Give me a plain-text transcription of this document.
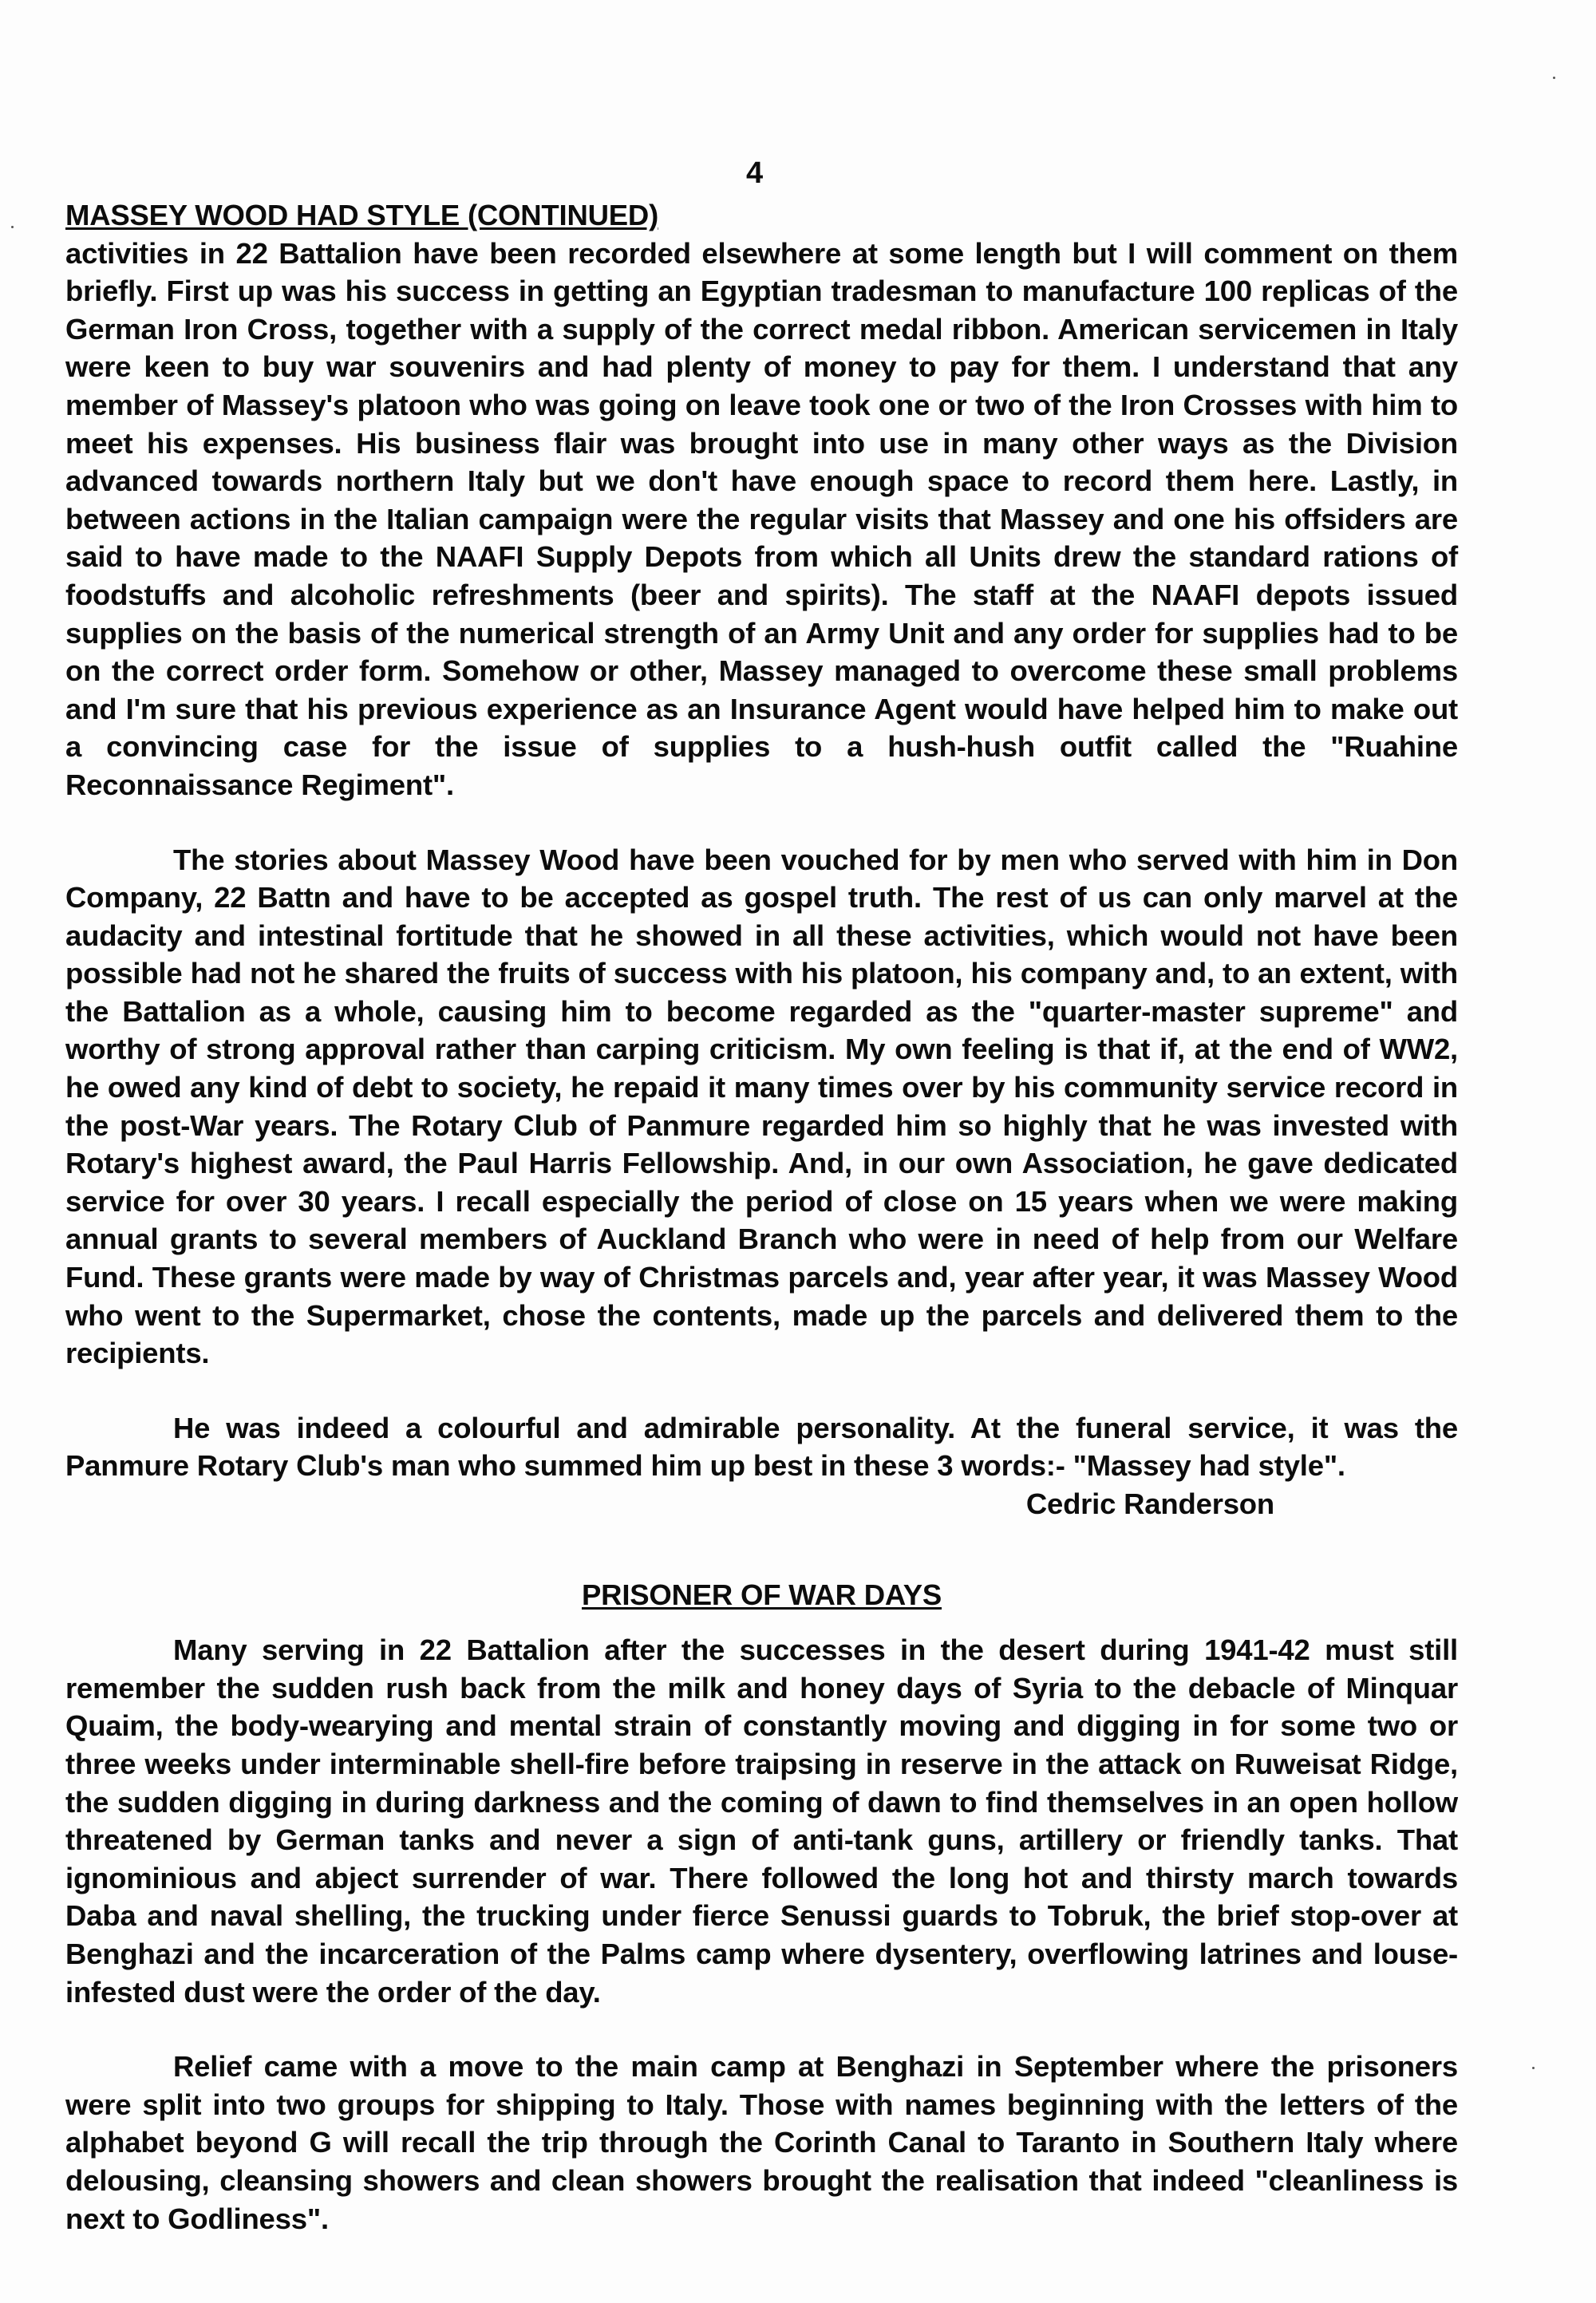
4

MASSEY WOOD HAD STYLE (CONTINUED)
activities in 22 Battalion have been recorded elsewhere at some length but I will comment on them briefly. First up was his success in getting an Egyptian tradesman to manufacture 100 replicas of the German Iron Cross, together with a supply of the correct medal ribbon. American servicemen in Italy were keen to buy war souvenirs and had plenty of money to pay for them. I understand that any member of Massey's platoon who was going on leave took one or two of the Iron Crosses with him to meet his expenses. His business flair was brought into use in many other ways as the Division advanced towards northern Italy but we don't have enough space to record them here. Lastly, in between actions in the Italian campaign were the regular visits that Massey and one his offsiders are said to have made to the NAAFI Supply Depots from which all Units drew the standard rations of foodstuffs and alcoholic refreshments (beer and spirits). The staff at the NAAFI depots issued supplies on the basis of the numerical strength of an Army Unit and any order for supplies had to be on the correct order form. Somehow or other, Massey managed to overcome these small problems and I'm sure that his previous experience as an Insurance Agent would have helped him to make out a convincing case for the issue of supplies to a hush-hush outfit called the "Ruahine Reconnaissance Regiment".

The stories about Massey Wood have been vouched for by men who served with him in Don Company, 22 Battn and have to be accepted as gospel truth. The rest of us can only marvel at the audacity and intestinal fortitude that he showed in all these activities, which would not have been possible had not he shared the fruits of success with his platoon, his company and, to an extent, with the Battalion as a whole, causing him to become regarded as the "quarter-master supreme" and worthy of strong approval rather than carping criticism. My own feeling is that if, at the end of WW2, he owed any kind of debt to society, he repaid it many times over by his community service record in the post-War years. The Rotary Club of Panmure regarded him so highly that he was invested with Rotary's highest award, the Paul Harris Fellowship. And, in our own Association, he gave dedicated service for over 30 years. I recall especially the period of close on 15 years when we were making annual grants to several members of Auckland Branch who were in need of help from our Welfare Fund. These grants were made by way of Christmas parcels and, year after year, it was Massey Wood who went to the Supermarket, chose the contents, made up the parcels and delivered them to the recipients.

He was indeed a colourful and admirable personality. At the funeral service, it was the Panmure Rotary Club's man who summed him up best in these 3 words:- "Massey had style".

Cedric Randerson
PRISONER OF WAR DAYS

Many serving in 22 Battalion after the successes in the desert during 1941-42 must still remember the sudden rush back from the milk and honey days of Syria to the debacle of Minquar Quaim, the body-wearying and mental strain of constantly moving and digging in for some two or three weeks under interminable shell-fire before traipsing in reserve in the attack on Ruweisat Ridge, the sudden digging in during darkness and the coming of dawn to find themselves in an open hollow threatened by German tanks and never a sign of anti-tank guns, artillery or friendly tanks. That ignominious and abject surrender of war. There followed the long hot and thirsty march towards Daba and naval shelling, the trucking under fierce Senussi guards to Tobruk, the brief stop-over at Benghazi and the incarceration of the Palms camp where dysentery, overflowing latrines and louse-infested dust were the order of the day.

Relief came with a move to the main camp at Benghazi in September where the prisoners were split into two groups for shipping to Italy. Those with names beginning with the letters of the alphabet beyond G will recall the trip through the Corinth Canal to Taranto in Southern Italy where delousing, cleansing showers and clean showers brought the realisation that indeed "cleanliness is next to Godliness".
